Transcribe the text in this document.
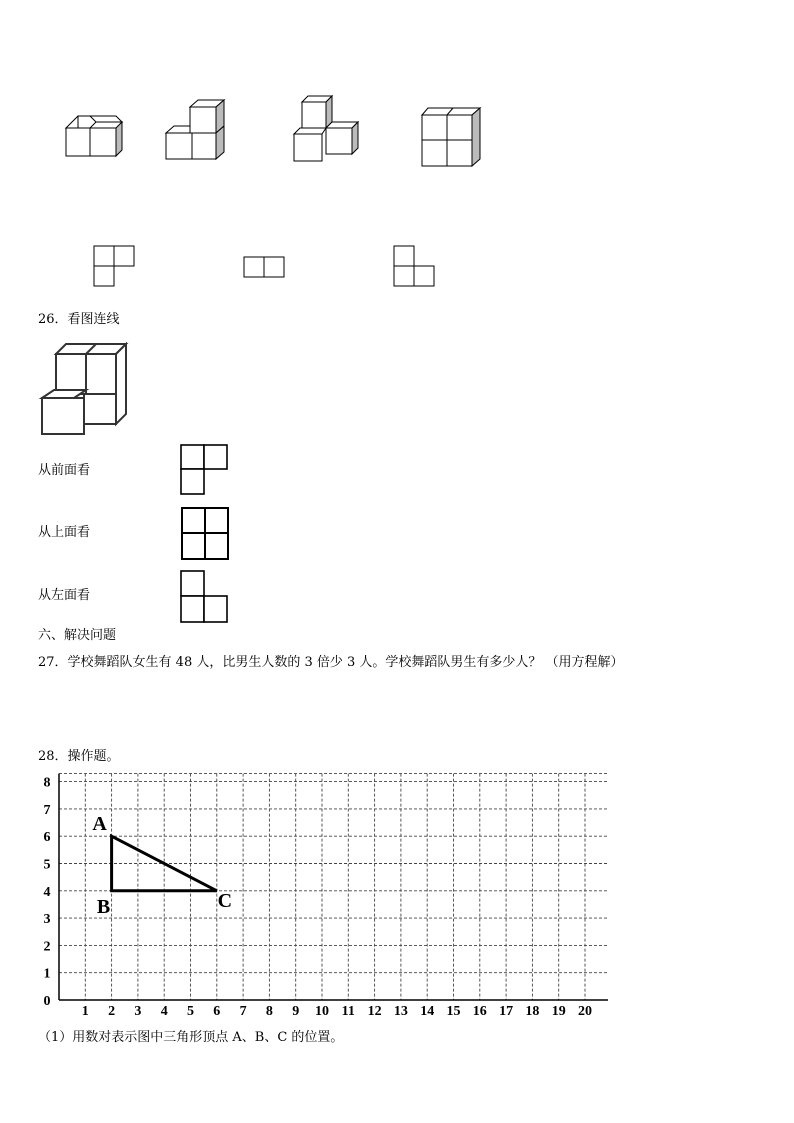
26．看图连线
从前面看
从上面看
从左面看
六、解决问题
27．学校舞蹈队女生有 48 人，比男生人数的 3 倍少 3 人。学校舞蹈队男生有多少人？ （用方程解）
28．操作题。
1 2 3 4 5 6 7 8 9 10 11 12 13 14 15 16 17 18 19 20
0
1
2
3
4
5
6
7
8
A
B	C
（1）用数对表示图中三角形顶点 A、B、C 的位置。
